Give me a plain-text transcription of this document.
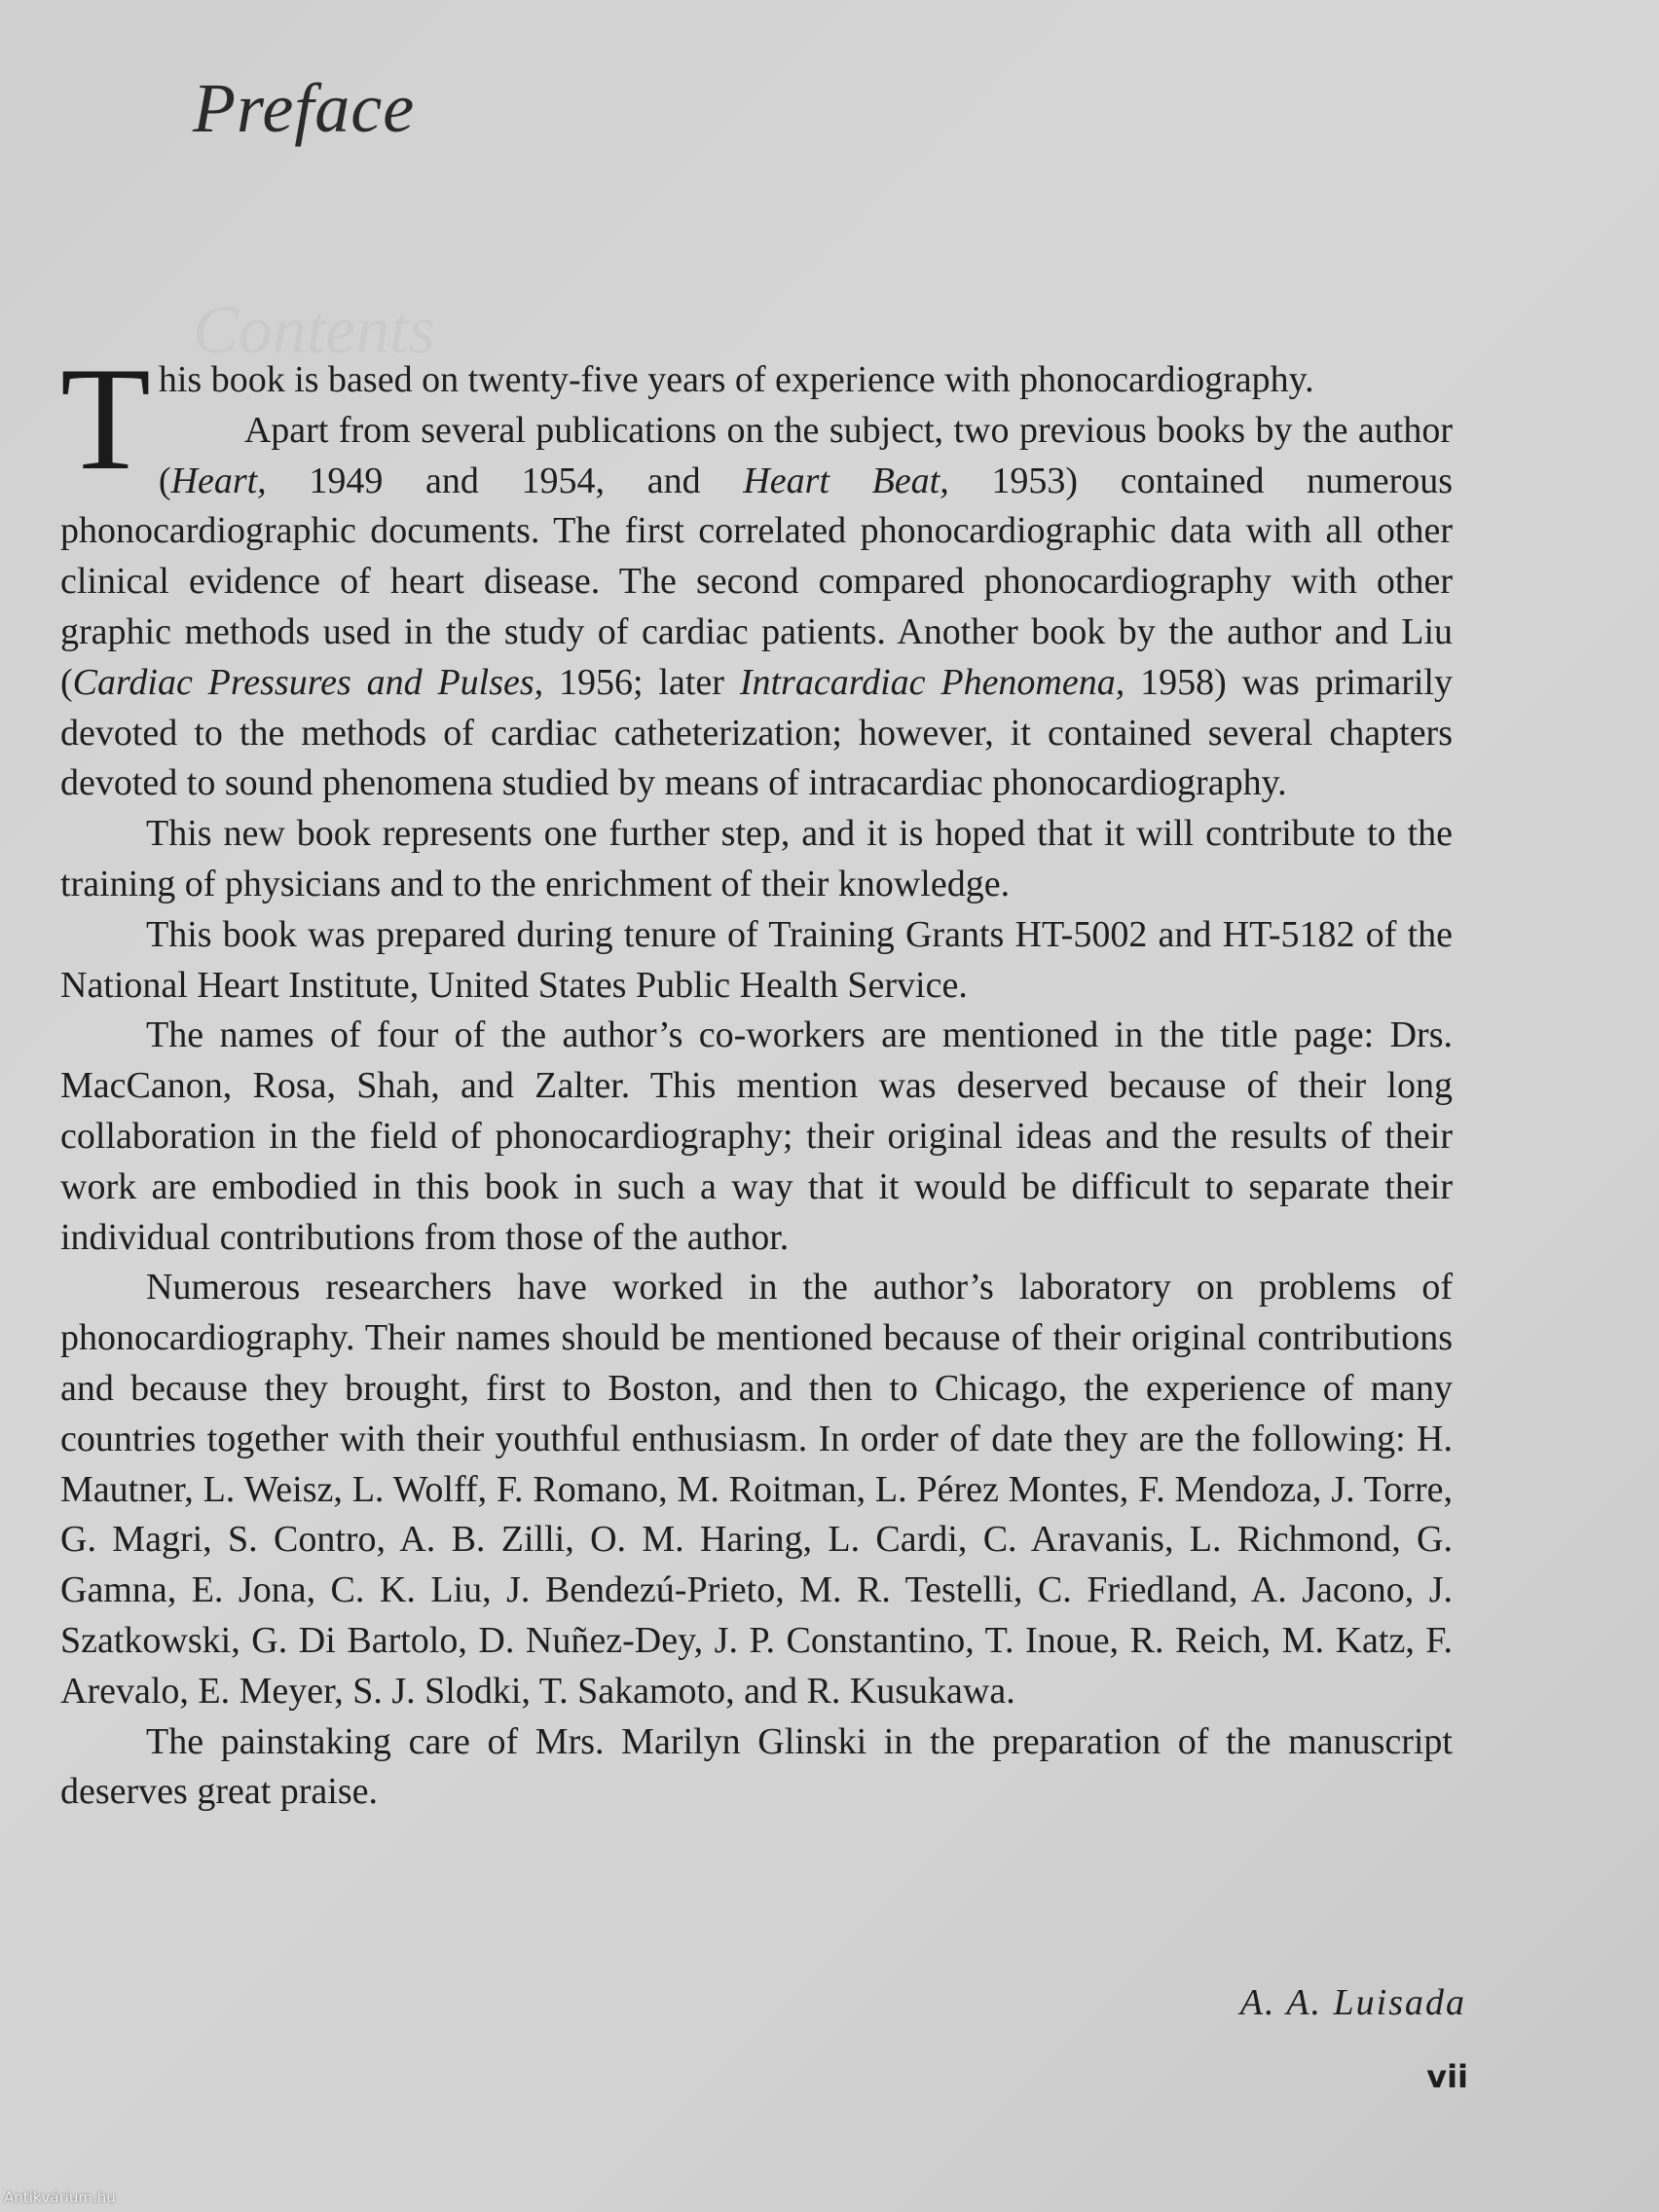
Preface
Contents

This book is based on twenty-five years of experience with phonocardiography.

Apart from several publications on the subject, two previous books by the author (Heart, 1949 and 1954, and Heart Beat, 1953) contained numerous phonocardiographic documents. The first correlated phonocardiographic data with all other clinical evidence of heart disease. The second compared phonocardiography with other graphic methods used in the study of cardiac patients. Another book by the author and Liu (Cardiac Pressures and Pulses, 1956; later Intracardiac Phenomena, 1958) was primarily devoted to the methods of cardiac catheterization; however, it contained several chapters devoted to sound phenomena studied by means of intracardiac phonocardiography.

This new book represents one further step, and it is hoped that it will contribute to the training of physicians and to the enrichment of their knowledge.

This book was prepared during tenure of Training Grants HT-5002 and HT-5182 of the National Heart Institute, United States Public Health Service.

The names of four of the author’s co-workers are mentioned in the title page: Drs. MacCanon, Rosa, Shah, and Zalter. This mention was deserved because of their long collaboration in the field of phonocardiography; their original ideas and the results of their work are embodied in this book in such a way that it would be difficult to separate their individual contributions from those of the author.

Numerous researchers have worked in the author’s laboratory on problems of phonocardiography. Their names should be mentioned because of their original contributions and because they brought, first to Boston, and then to Chicago, the experience of many countries together with their youthful enthusiasm. In order of date they are the following: H. Mautner, L. Weisz, L. Wolff, F. Romano, M. Roitman, L. Pérez Montes, F. Mendoza, J. Torre, G. Magri, S. Contro, A. B. Zilli, O. M. Haring, L. Cardi, C. Aravanis, L. Richmond, G. Gamna, E. Jona, C. K. Liu, J. Bendezú-Prieto, M. R. Testelli, C. Friedland, A. Jacono, J. Szatkowski, G. Di Bartolo, D. Nuñez-Dey, J. P. Constantino, T. Inoue, R. Reich, M. Katz, F. Arevalo, E. Meyer, S. J. Slodki, T. Sakamoto, and R. Kusukawa.

The painstaking care of Mrs. Marilyn Glinski in the preparation of the manuscript deserves great praise.

A. A. Luisada
vii
Antikvárium.hu
